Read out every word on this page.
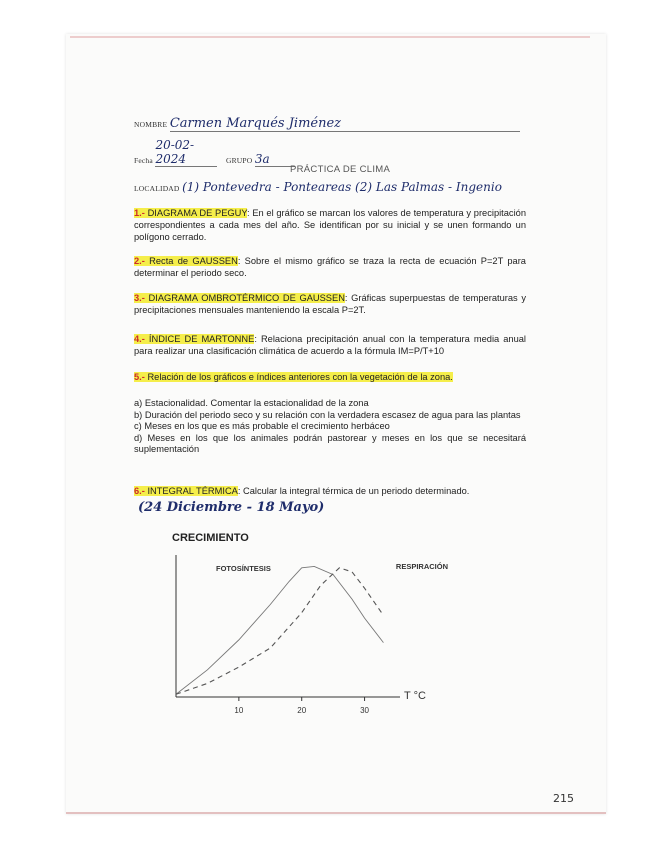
NOMBRE Carmen Marqués Jiménez
Fecha 20-02-2024	GRUPO 3a
PRÁCTICA DE CLIMA
LOCALIDAD (1) Pontevedra - Ponteareas (2) Las Palmas - Ingenio
1.- DIAGRAMA DE PEGUY: En el gráfico se marcan los valores de temperatura y precipitación correspondientes a cada mes del año. Se identifican por su inicial y se unen formando un polígono cerrado.
2.- Recta de GAUSSEN: Sobre el mismo gráfico se traza la recta de ecuación P=2T para determinar el periodo seco.
3.- DIAGRAMA OMBROTÉRMICO DE GAUSSEN: Gráficas superpuestas de temperaturas y precipitaciones mensuales manteniendo la escala P=2T.
4.- ÍNDICE DE MARTONNE: Relaciona precipitación anual con la temperatura media anual para realizar una clasificación climática de acuerdo a la fórmula IM=P/T+10
5.- Relación de los gráficos e índices anteriores con la vegetación de la zona.
a) Estacionalidad. Comentar la estacionalidad de la zona
b) Duración del periodo seco y su relación con la verdadera escasez de agua para las plantas
c) Meses en los que es más probable el crecimiento herbáceo
d) Meses en los que los animales podrán pastorear y meses en los que se necesitará suplementación
6.- INTEGRAL TÉRMICA: Calcular la integral térmica de un periodo determinado.
(24 Diciembre - 18 Mayo)
CRECIMIENTO
T °C
10	20	30
FOTOSÍNTESIS	RESPIRACIÓN
215
